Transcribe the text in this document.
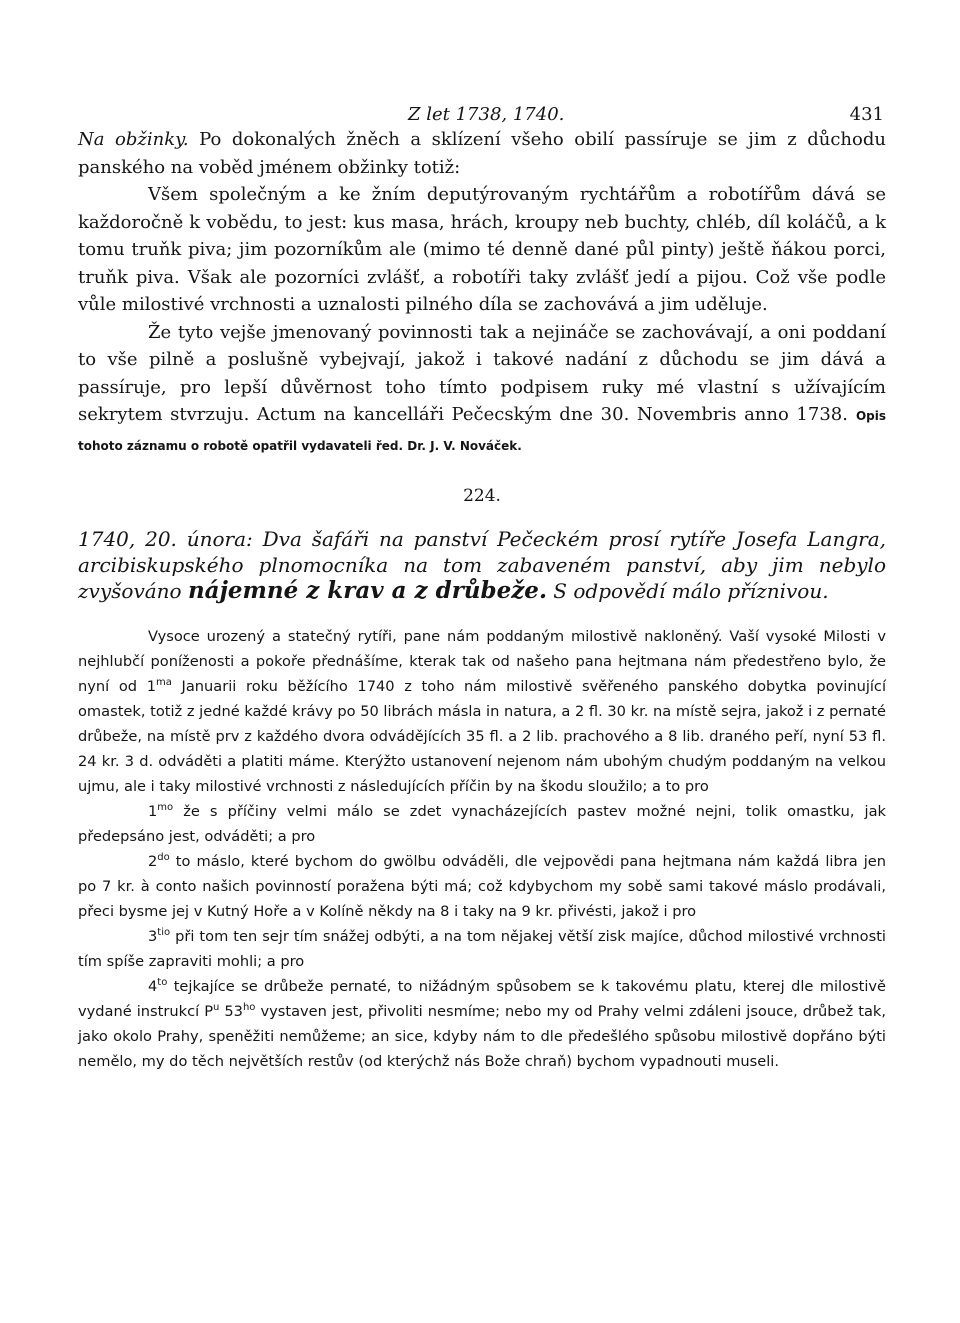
Z let 1738, 1740.	431

Na obžinky. Po dokonalých žněch a sklízení všeho obilí passíruje se jim z důchodu panského na voběd jménem obžinky totiž:

Všem společným a ke žním deputýrovaným rychtářům a robotířům dává se každoročně k vobědu, to jest: kus masa, hrách, kroupy neb buchty, chléb, díl koláčů, a k tomu truňk piva; jim pozorníkům ale (mimo té denně dané půl pinty) ještě ňákou porci, truňk piva. Však ale pozorníci zvlášť, a robotíři taky zvlášť jedí a pijou. Což vše podle vůle milostivé vrchnosti a uznalosti pilného díla se zachovává a jim uděluje.

Že tyto vejše jmenovaný povinnosti tak a nejináče se zachovávají, a oni poddaní to vše pilně a poslušně vybejvají, jakož i takové nadání z důchodu se jim dává a passíruje, pro lepší důvěrnost toho tímto podpisem ruky mé vlastní s užívajícím sekrytem stvrzuju. Actum na kancelláři Pečecským dne 30. Novembris anno 1738. Opis tohoto záznamu o robotě opatřil vydavateli řed. Dr. J. V. Nováček.

224.

1740, 20. února: Dva šafáři na panství Pečeckém prosí rytíře Josefa Langra, arcibiskupského plnomocníka na tom zabaveném panství, aby jim nebylo zvyšováno nájemné z krav a z drůbeže. S odpovědí málo příznivou.

Vysoce urozený a statečný rytíři, pane nám poddaným milostivě nakloněný. Vaší vysoké Milosti v nejhlubčí poníženosti a pokoře přednášíme, kterak tak od našeho pana hejtmana nám předestřeno bylo, že nyní od $1^{ma}$ Januarii roku běžícího 1740 z toho nám milostivě svěřeného panského dobytka povinující omastek, totiž z jedné každé krávy po 50 librách másla in natura, a 2 fl. 30 kr. na místě sejra, jakož i z pernaté drůbeže, na místě prv z každého dvora odváděјících 35 fl. a 2 lib. prachového a 8 lib. draného peří, nyní 53 fl. 24 kr. 3 d. odváděti a platiti máme. Kterýžto ustanovení nejenom nám ubohým chudým poddaným na velkou ujmu, ale i taky milostivé vrchnosti z následujících příčin by na škodu sloužilo; a to pro

$1^{mo}$ že s příčiny velmi málo se zdet vynacházejících pastev možné nejni, tolik omastku, jak předepsáno jest, odváděti; a pro

$2^{do}$ to máslo, které bychom do gwölbu odváděli, dle vejpovědi pana hejtmana nám každá libra jen po 7 kr. à conto našich povinností poražena býti má; což kdybychom my sobě sami takové máslo prodávali, přeci bysme jej v Kutný Hoře a v Kolíně někdy na 8 i taky na 9 kr. přivésti, jakož i pro

$3^{tio}$ při tom ten sejr tím snážej odbýti, a na tom nějakej větší zisk majíce, důchod milostivé vrchnosti tím spíše zapraviti mohli; a pro

$4^{to}$ tejkajíce se drůbeže pernaté, to nižádným spůsobem se k takovému platu, kterej dle milostivě vydané instrukcí $P^u$ $53^{ho}$ vystaven jest, přivoliti nesmíme; nebo my od Prahy velmi zdáleni jsouce, drůbež tak, jako okolo Prahy, speněžiti nemůžeme; an sice, kdyby nám to dle předešlého spůsobu milostivě dopřáno býti nemělo, my do těch největších restův (od kterýchž nás Bože chraň) bychom vypadnouti museli.
